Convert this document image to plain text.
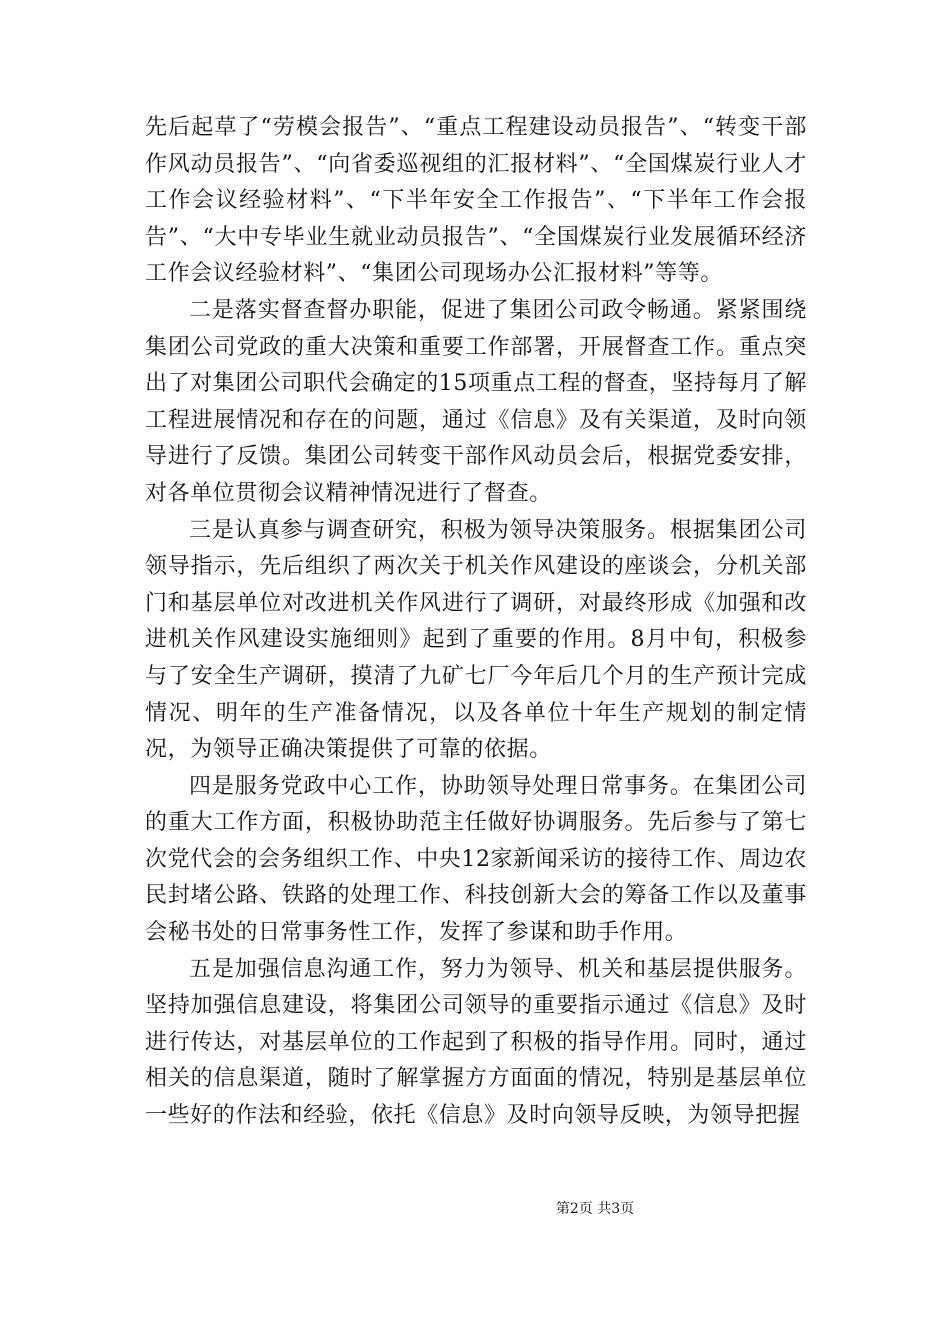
先后起草了“劳模会报告”、“重点工程建设动员报告”、“转变干部作风动员报告”、“向省委巡视组的汇报材料”、“全国煤炭行业人才工作会议经验材料”、“下半年安全工作报告”、“下半年工作会报告”、“大中专毕业生就业动员报告”、“全国煤炭行业发展循环经济工作会议经验材料”、“集团公司现场办公汇报材料”等等。

二是落实督查督办职能，促进了集团公司政令畅通。紧紧围绕集团公司党政的重大决策和重要工作部署，开展督查工作。重点突出了对集团公司职代会确定的15项重点工程的督查，坚持每月了解工程进展情况和存在的问题，通过《信息》及有关渠道，及时向领导进行了反馈。集团公司转变干部作风动员会后，根据党委安排，对各单位贯彻会议精神情况进行了督查。

三是认真参与调查研究，积极为领导决策服务。根据集团公司领导指示，先后组织了两次关于机关作风建设的座谈会，分机关部门和基层单位对改进机关作风进行了调研，对最终形成《加强和改进机关作风建设实施细则》起到了重要的作用。8月中旬，积极参与了安全生产调研，摸清了九矿七厂今年后几个月的生产预计完成情况、明年的生产准备情况，以及各单位十年生产规划的制定情况，为领导正确决策提供了可靠的依据。

四是服务党政中心工作，协助领导处理日常事务。在集团公司的重大工作方面，积极协助范主任做好协调服务。先后参与了第七次党代会的会务组织工作、中央12家新闻采访的接待工作、周边农民封堵公路、铁路的处理工作、科技创新大会的筹备工作以及董事会秘书处的日常事务性工作，发挥了参谋和助手作用。

五是加强信息沟通工作，努力为领导、机关和基层提供服务。坚持加强信息建设，将集团公司领导的重要指示通过《信息》及时进行传达，对基层单位的工作起到了积极的指导作用。同时，通过相关的信息渠道，随时了解掌握方方面面的情况，特别是基层单位一些好的作法和经验，依托《信息》及时向领导反映，为领导把握

第2页 共3页
